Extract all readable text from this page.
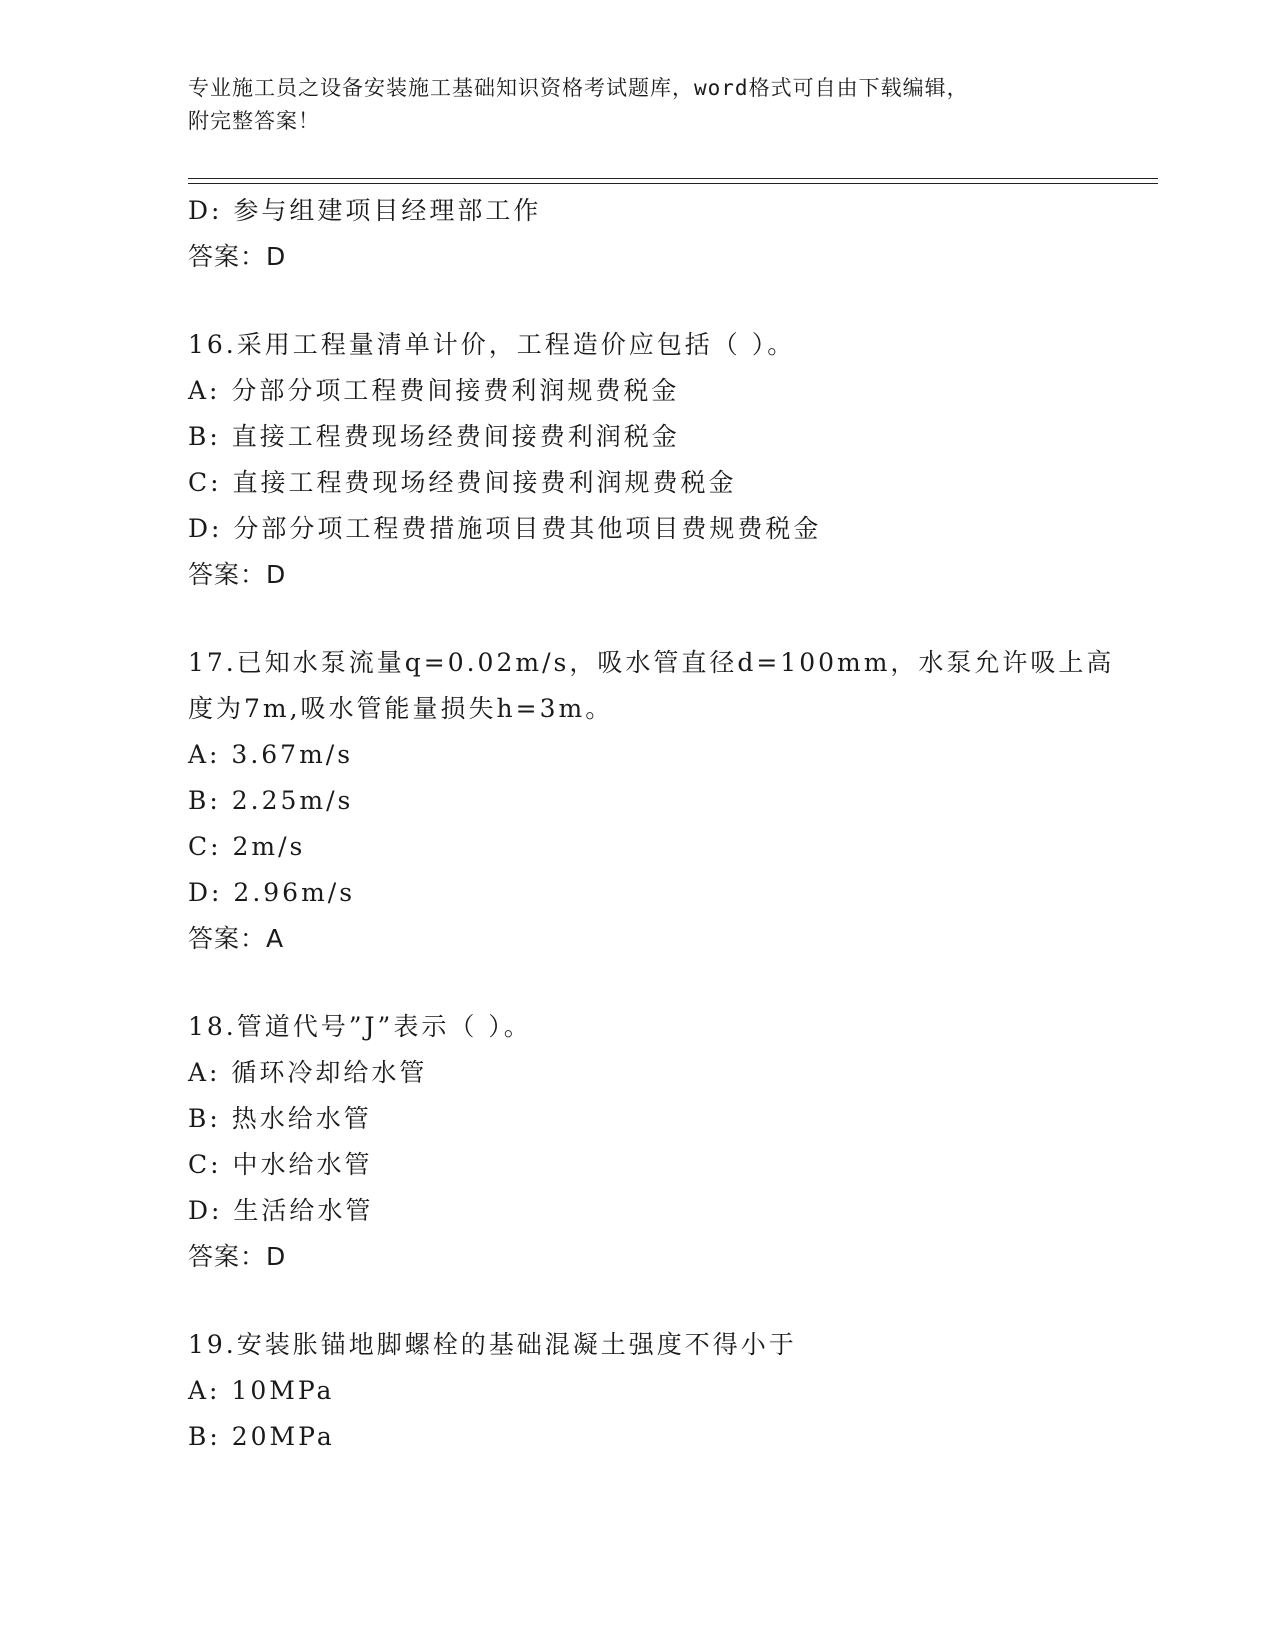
专业施工员之设备安装施工基础知识资格考试题库，word格式可自由下载编辑，
附完整答案！
D: 参与组建项目经理部工作
答案：D
16.采用工程量清单计价，工程造价应包括（ ）。
A: 分部分项工程费间接费利润规费税金
B: 直接工程费现场经费间接费利润税金
C: 直接工程费现场经费间接费利润规费税金
D: 分部分项工程费措施项目费其他项目费规费税金
答案：D
17.已知水泵流量q=0.02m/s，吸水管直径d=100mm，水泵允许吸上高
度为7m,吸水管能量损失h=3m。
A: 3.67m/s
B: 2.25m/s
C: 2m/s
D: 2.96m/s
答案：A
18.管道代号”J”表示（ ）。
A: 循环冷却给水管
B: 热水给水管
C: 中水给水管
D: 生活给水管
答案：D
19.安装胀锚地脚螺栓的基础混凝土强度不得小于
A: 10MPa
B: 20MPa
